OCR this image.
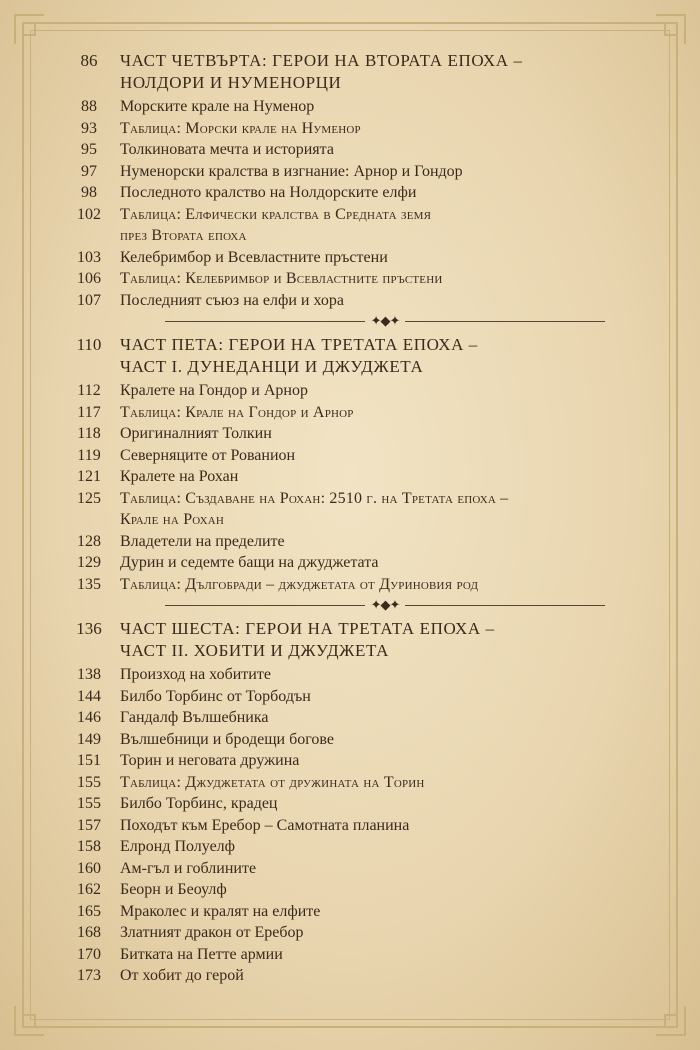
86	ЧАСТ ЧЕТВЪРТА: ГЕРОИ НА ВТОРАТА ЕПОХА –
НОЛДОРИ И НУМЕНОРЦИ
88	Морските крале на Нуменор
93	Таблица: Морски крале на Нуменор
95	Толкиновата мечта и историята
97	Нуменорски кралства в изгнание: Арнор и Гондор
98	Последното кралство на Нолдорските елфи
102	Таблица: Елфически кралства в Средната земя
през Втората епоха
103	Келебримбор и Всевластните пръстени
106	Таблица: Келебримбор и Всевластните пръстени
107	Последният съюз на елфи и хора
✦◆✦
110	ЧАСТ ПЕТА: ГЕРОИ НА ТРЕТАТА ЕПОХА –
ЧАСТ I. ДУНЕДАНЦИ И ДЖУДЖЕТА
112	Кралете на Гондор и Арнор
117	Таблица: Крале на Гондор и Арнор
118	Оригиналният Толкин
119	Северняците от Рованион
121	Кралете на Рохан
125	Таблица: Създаване на Рохан: 2510 г. на Третата епоха –
Крале на Рохан
128	Владетели на пределите
129	Дурин и седемте бащи на джуджетата
135	Таблица: Дългобради – джуджетата от Дуриновия род
✦◆✦
136	ЧАСТ ШЕСТА: ГЕРОИ НА ТРЕТАТА ЕПОХА –
ЧАСТ II. ХОБИТИ И ДЖУДЖЕТА
138	Произход на хобитите
144	Билбо Торбинс от Торбодън
146	Гандалф Вълшебника
149	Вълшебници и бродещи богове
151	Торин и неговата дружина
155	Таблица: Джуджетата от дружината на Торин
155	Билбо Торбинс, крадец
157	Походът към Еребор – Самотната планина
158	Елронд Полуелф
160	Ам-гъл и гоблините
162	Беорн и Беоулф
165	Мраколес и кралят на елфите
168	Златният дракон от Еребор
170	Битката на Петте армии
173	От хобит до герой
